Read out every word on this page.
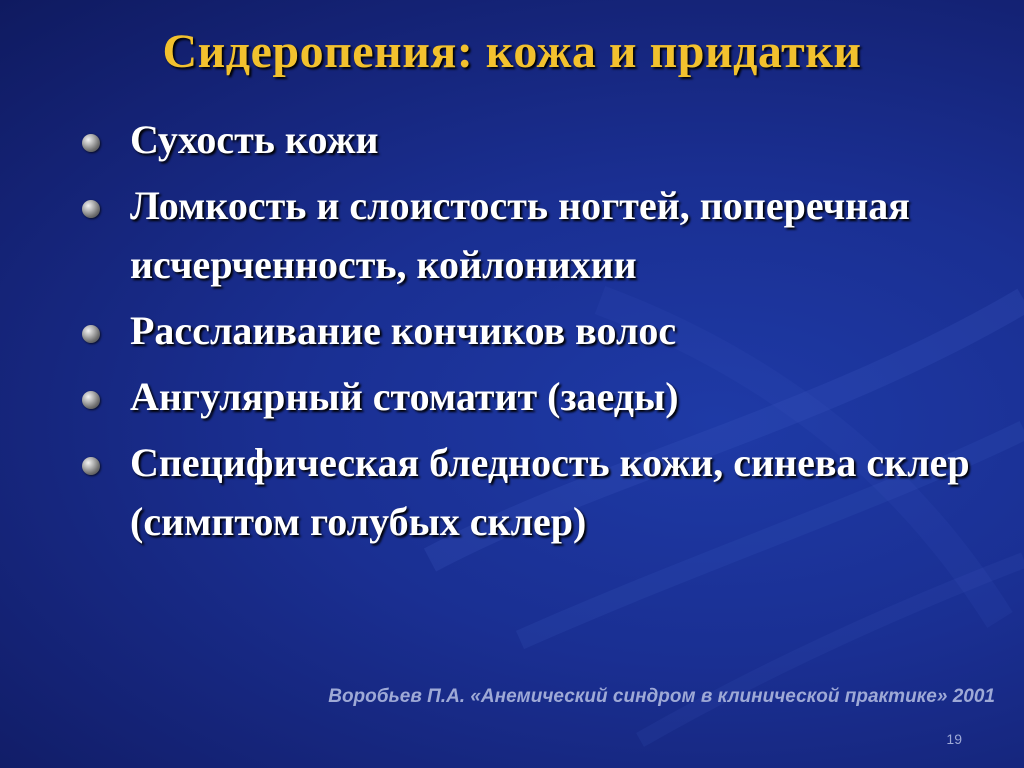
Сидеропения: кожа и придатки
Сухость кожи
Ломкость и слоистость ногтей, поперечная исчерченность, койлонихии
Расслаивание кончиков волос
Ангулярный стоматит (заеды)
Специфическая бледность кожи, синева склер (симптом голубых склер)
Воробьев П.А. «Анемический синдром в клинической практике» 2001
19
